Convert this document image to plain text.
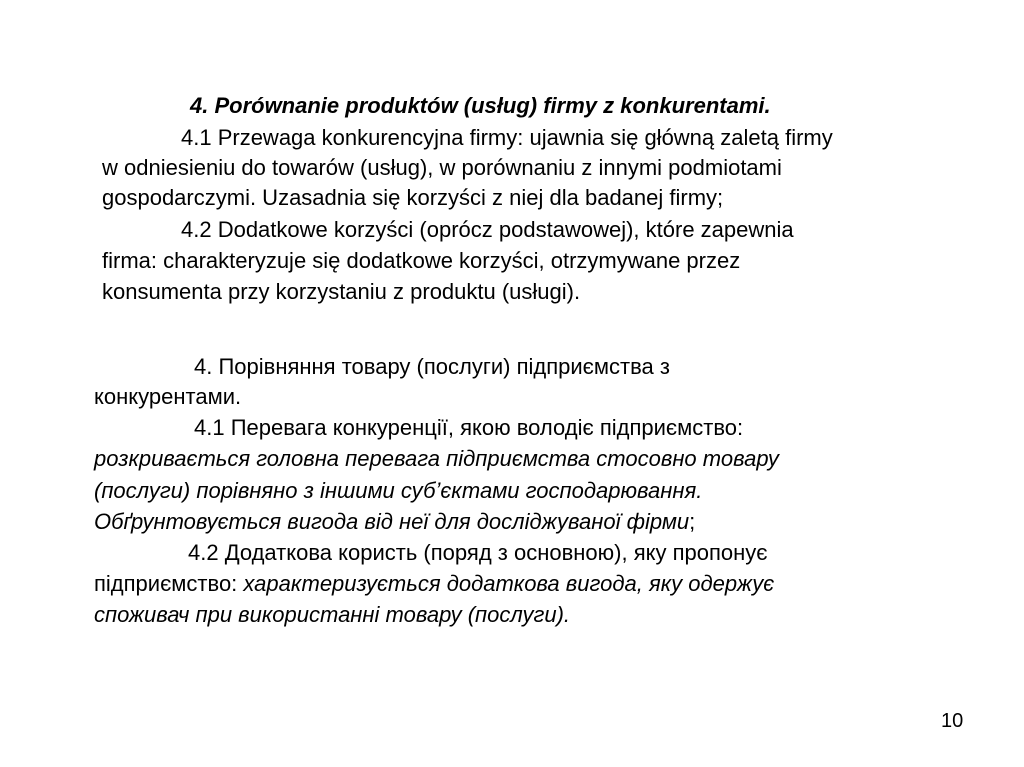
4. Porównanie produktów (usług) firmy z konkurentami.

4.1 Przewaga konkurencyjna firmy: ujawnia się główną zaletą firmy

w odniesieniu do towarów (usług), w porównaniu z innymi podmiotami

gospodarczymi. Uzasadnia się korzyści z niej dla badanej firmy;

4.2 Dodatkowe korzyści (oprócz podstawowej), które zapewnia

firma: charakteryzuje się dodatkowe korzyści, otrzymywane przez

konsumenta przy korzystaniu z produktu (usługi).

4. Порівняння товару (послуги) підприємства з

конкурентами.

4.1 Перевага конкуренції, якою володіє підприємство:

розкривається головна перевага підприємства стосовно товару

(послуги) порівняно з іншими суб’єктами господарювання.

Обґрунтовується вигода від неї для досліджуваної фірми;

4.2 Додаткова користь (поряд з основною), яку пропонує

підприємство: характеризується додаткова вигода, яку одержує

споживач при використанні товару (послуги).

10
